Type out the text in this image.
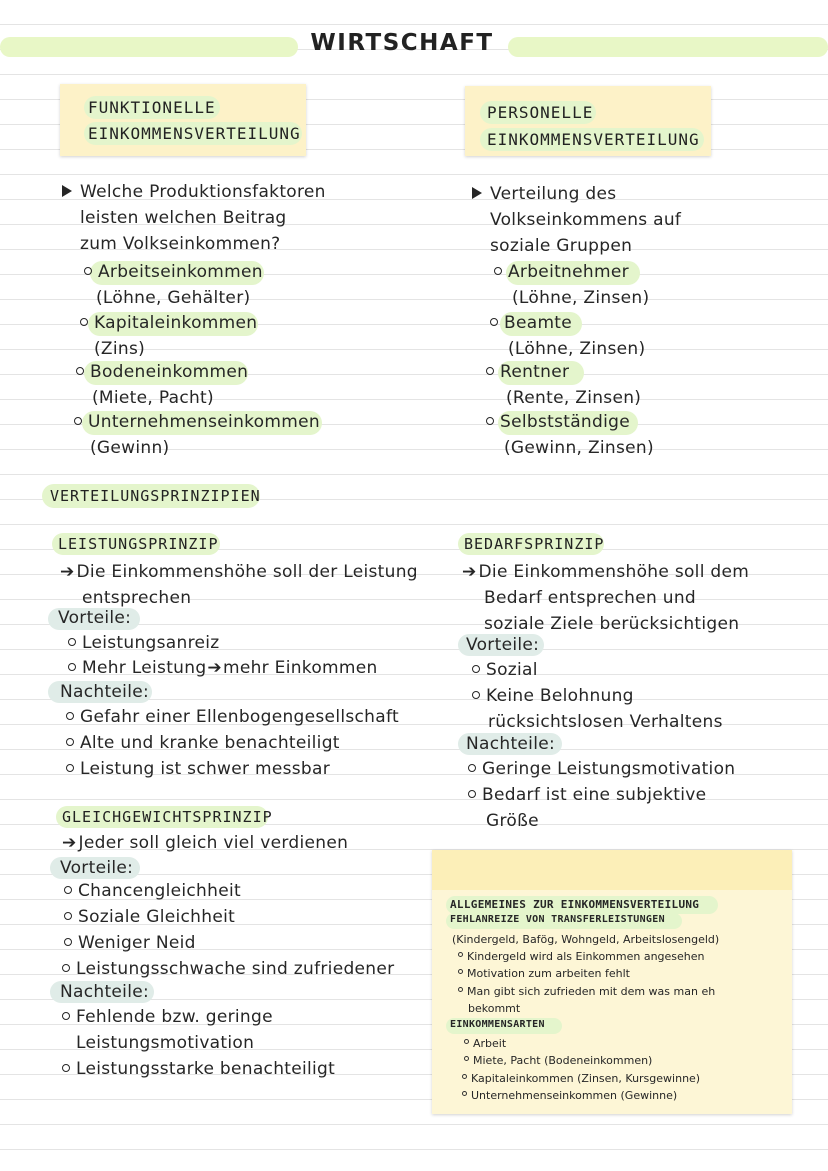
WIRTSCHAFT
FUNKTIONELLE
EINKOMMENSVERTEILUNG
PERSONELLE
EINKOMMENSVERTEILUNG
Welche Produktionsfaktoren
leisten welchen Beitrag
zum Volkseinkommen?
Arbeitseinkommen
(Löhne, Gehälter)
Kapitaleinkommen
(Zins)
Bodeneinkommen
(Miete, Pacht)
Unternehmenseinkommen
(Gewinn)
Verteilung des
Volkseinkommens auf
soziale Gruppen
Arbeitnehmer
(Löhne, Zinsen)
Beamte
(Löhne, Zinsen)
Rentner
(Rente, Zinsen)
Selbstständige
(Gewinn, Zinsen)
VERTEILUNGSPRINZIPIEN
LEISTUNGSPRINZIP
➔ Die Einkommenshöhe soll der Leistung
entsprechen
Vorteile:
Leistungsanreiz
Mehr Leistung➔mehr Einkommen
Nachteile:
Gefahr einer Ellenbogengesellschaft
Alte und kranke benachteiligt
Leistung ist schwer messbar
BEDARFSPRINZIP
➔ Die Einkommenshöhe soll dem
Bedarf entsprechen und
soziale Ziele berücksichtigen
Vorteile:
Sozial
Keine Belohnung
rücksichtslosen Verhaltens
Nachteile:
Geringe Leistungsmotivation
Bedarf ist eine subjektive
Größe
GLEICHGEWICHTSPRINZIP
➔ Jeder soll gleich viel verdienen
Vorteile:
Chancengleichheit
Soziale Gleichheit
Weniger Neid
Leistungsschwache sind zufriedener
Nachteile:
Fehlende bzw. geringe
Leistungsmotivation
Leistungsstarke benachteiligt
ALLGEMEINES ZUR EINKOMMENSVERTEILUNG
FEHLANREIZE VON TRANSFERLEISTUNGEN
(Kindergeld, Bafög, Wohngeld, Arbeitslosengeld)
Kindergeld wird als Einkommen angesehen
Motivation zum arbeiten fehlt
Man gibt sich zufrieden mit dem was man eh
bekommt
EINKOMMENSARTEN
Arbeit
Miete, Pacht (Bodeneinkommen)
Kapitaleinkommen (Zinsen, Kursgewinne)
Unternehmenseinkommen (Gewinne)
